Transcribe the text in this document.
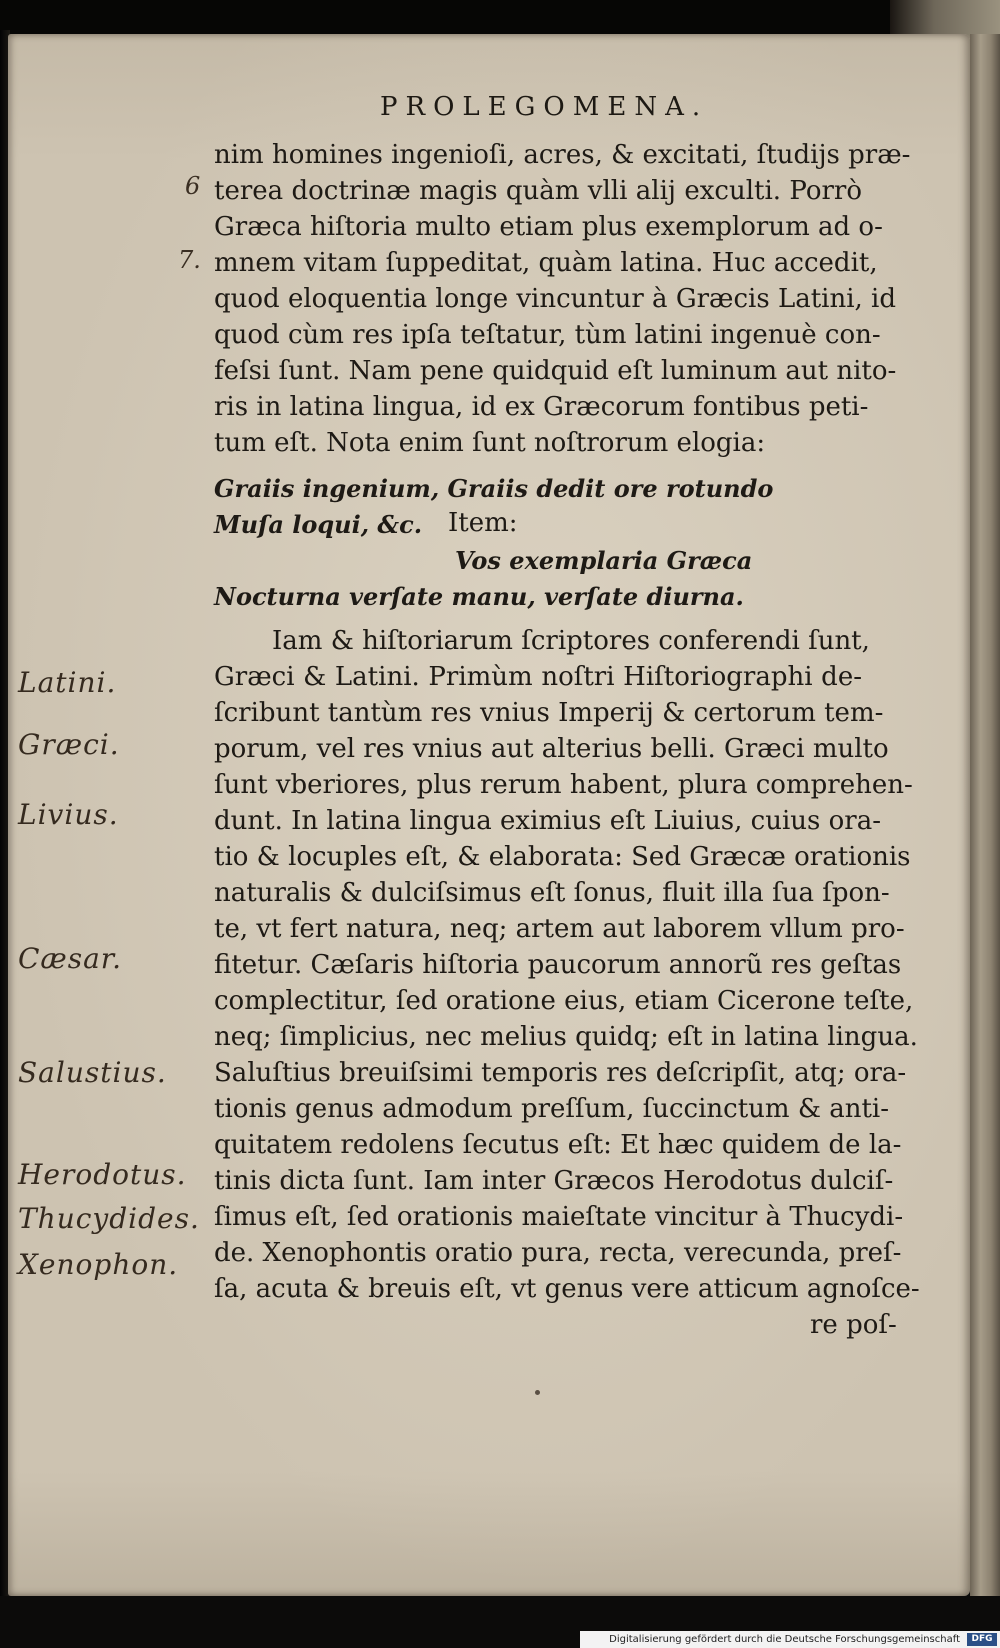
PROLEGOMENA.
6
7.
nim homines ingenioſi, acres, & excitati, ſtudijs præ-
terea doctrinæ magis quàm vlli alij exculti. Porrò
Græca hiſtoria multo etiam plus exemplorum ad o-
mnem vitam ſuppeditat, quàm latina. Huc accedit,
quod eloquentia longe vincuntur à Græcis Latini, id
quod cùm res ipſa teſtatur, tùm latini ingenuè con-
feſsi ſunt. Nam pene quidquid eſt luminum aut nito-
ris in latina lingua, id ex Græcorum fontibus peti-
tum eſt. Nota enim ſunt noſtrorum elogia:
Graiis ingenium, Graiis dedit ore rotundo
Muſa loqui, &c. Item:
Vos exemplaria Græca
Nocturna verſate manu, verſate diurna.
Iam & hiſtoriarum ſcriptores conferendi ſunt,
Græci & Latini. Primùm noſtri Hiſtoriographi de-
ſcribunt tantùm res vnius Imperij & certorum tem-
porum, vel res vnius aut alterius belli. Græci multo
ſunt vberiores, plus rerum habent, plura comprehen-
dunt. In latina lingua eximius eſt Liuius, cuius ora-
tio & locuples eſt, & elaborata: Sed Græcæ orationis
naturalis & dulciſsimus eſt ſonus, fluit illa ſua ſpon-
te, vt fert natura, neq; artem aut laborem vllum pro-
fitetur. Cæſaris hiſtoria paucorum annorũ res geſtas
complectitur, ſed oratione eius, etiam Cicerone teſte,
neq; ſimplicius, nec melius quidq; eſt in latina lingua.
Saluſtius breuiſsimi temporis res deſcripſit, atq; ora-
tionis genus admodum preſſum, ſuccinctum & anti-
quitatem redolens ſecutus eſt: Et hæc quidem de la-
tinis dicta ſunt. Iam inter Græcos Herodotus dulciſ-
ſimus eſt, ſed orationis maieſtate vincitur à Thucydi-
de. Xenophontis oratio pura, recta, verecunda, preſ-
ſa, acuta & breuis eſt, vt genus vere atticum agnoſce-
re poſ-
Latini.
Græci.
Livius.
Cæsar.
Salustius.
Herodotus.
Thucydides.
Xenophon.
Digitalisierung gefördert durch die Deutsche Forschungsgemeinschaft	DFG
